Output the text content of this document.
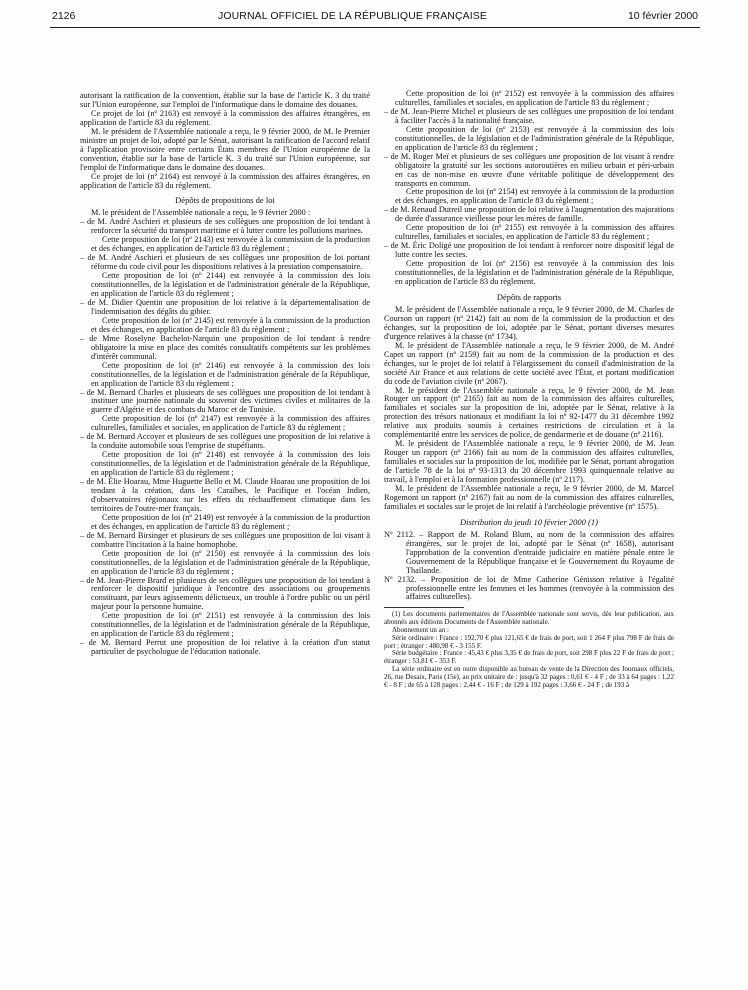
2126	JOURNAL OFFICIEL DE LA RÉPUBLIQUE FRANÇAISE	10 février 2000

autorisant la ratification de la convention, établie sur la base de l'article K. 3 du traité sur l'Union européenne, sur l'emploi de l'informatique dans le domaine des douanes.

Ce projet de loi (nº 2163) est renvoyé à la commission des affaires étrangères, en application de l'article 83 du règlement.

M. le président de l'Assemblée nationale a reçu, le 9 février 2000, de M. le Premier ministre un projet de loi, adopté par le Sénat, autorisant la ratification de l'accord relatif à l'application provisoire entre certains États membres de l'Union européenne de la convention, établie sur la base de l'article K. 3 du traité sur l'Union européenne, sur l'emploi de l'informatique dans le domaine des douanes.

Ce projet de loi (nº 2164) est renvoyé à la commission des affaires étrangères, en application de l'article 83 du règlement.

Dépôts de propositions de loi

M. le président de l'Assemblée nationale a reçu, le 9 février 2000 :

– de M. André Aschieri et plusieurs de ses collègues une proposition de loi tendant à renforcer la sécurité du transport maritime et à lutter contre les pollutions marines.

Cette proposition de loi (nº 2143) est renvoyée à la commission de la production et des échanges, en application de l'article 83 du règlement ;

– de M. André Aschieri et plusieurs de ses collègues une proposition de loi portant réforme du code civil pour les dispositions relatives à la prestation compensatoire.

Cette proposition de loi (nº 2144) est renvoyée à la commission des lois constitutionnelles, de la législation et de l'administration générale de la République, en application de l'article 83 du règlement ;

– de M. Didier Quentin une proposition de loi relative à la départementalisation de l'indemnisation des dégâts du gibier.

Cette proposition de loi (nº 2145) est renvoyée à la commission de la production et des échanges, en application de l'article 83 du règlement ;

– de Mme Roselyne Bachelot-Narquin une proposition de loi tendant à rendre obligatoire la mise en place des comités consultatifs compétents sur les problèmes d'intérêt communal.

Cette proposition de loi (nº 2146) est renvoyée à la commission des lois constitutionnelles, de la législation et de l'administration générale de la République, en application de l'article 83 du règlement ;

– de M. Bernard Charles et plusieurs de ses collègues une proposition de loi tendant à instituer une journée nationale du souvenir des victimes civiles et militaires de la guerre d'Algérie et des combats du Maroc et de Tunisie.

Cette proposition de loi (nº 2147) est renvoyée à la commission des affaires culturelles, familiales et sociales, en application de l'article 83 du règlement ;

– de M. Bernard Accoyer et plusieurs de ses collègues une proposition de loi relative à la conduite automobile sous l'emprise de stupéfiants.

Cette proposition de loi (nº 2148) est renvoyée à la commission des lois constitutionnelles, de la législation et de l'administration générale de la République, en application de l'article 83 du règlement ;

– de M. Élie Hoarau, Mme Huguette Bello et M. Claude Hoarau une proposition de loi tendant à la création, dans les Caraïbes, le Pacifique et l'océan Indien, d'observatoires régionaux sur les effets du réchauffement climatique dans les territoires de l'outre-mer français.

Cette proposition de loi (nº 2149) est renvoyée à la commission de la production et des échanges, en application de l'article 83 du règlement ;

– de M. Bernard Birsinger et plusieurs de ses collègues une proposition de loi visant à combattre l'incitation à la haine homophobe.

Cette proposition de loi (nº 2150) est renvoyée à la commission des lois constitutionnelles, de la législation et de l'administration générale de la République, en application de l'article 83 du règlement ;

– de M. Jean-Pierre Brard et plusieurs de ses collègues une proposition de loi tendant à renforcer le dispositif juridique à l'encontre des associations ou groupements constituant, par leurs agissements délictueux, un trouble à l'ordre public ou un péril majeur pour la personne humaine.

Cette proposition de loi (nº 2151) est renvoyée à la commission des lois constitutionnelles, de la législation et de l'administration générale de la République, en application de l'article 83 du règlement ;

– de M. Bernard Perrut une proposition de loi relative à la création d'un statut particulier de psychologue de l'éducation nationale.

Cette proposition de loi (nº 2152) est renvoyée à la commission des affaires culturelles, familiales et sociales, en application de l'article 83 du règlement ;

– de M. Jean-Pierre Michel et plusieurs de ses collègues une proposition de loi tendant à faciliter l'accès à la nationalité française.

Cette proposition de loi (nº 2153) est renvoyée à la commission des lois constitutionnelles, de la législation et de l'administration générale de la République, en application de l'article 83 du règlement ;

– de M. Roger Meï et plusieurs de ses collègues une proposition de loi visant à rendre obligatoire la gratuité sur les sections autoroutières en milieu urbain et péri-urbain en cas de non-mise en œuvre d'une véritable politique de développement des transports en commun.

Cette proposition de loi (nº 2154) est renvoyée à la commission de la production et des échanges, en application de l'article 83 du règlement ;

– de M. Renaud Dutreil une proposition de loi relative à l'augmentation des majorations de durée d'assurance vieillesse pour les mères de famille.

Cette proposition de loi (nº 2155) est renvoyée à la commission des affaires culturelles, familiales et sociales, en application de l'article 83 du règlement ;

– de M. Éric Doligé une proposition de loi tendant à renforcer notre dispositif légal de lutte contre les sectes.

Cette proposition de loi (nº 2156) est renvoyée à la commission des lois constitutionnelles, de la législation et de l'administration générale de la République, en application de l'article 83 du règlement.

Dépôts de rapports

M. le président de l'Assemblée nationale a reçu, le 9 février 2000, de M. Charles de Courson un rapport (nº 2142) fait au nom de la commission de la production et des échanges, sur la proposition de loi, adoptée par le Sénat, portant diverses mesures d'urgence relatives à la chasse (nº 1734).

M. le président de l'Assemblée nationale a reçu, le 9 février 2000, de M. André Capet un rapport (nº 2159) fait au nom de la commission de la production et des échanges, sur le projet de loi relatif à l'élargissement du conseil d'administration de la société Air France et aux relations de cette société avec l'État, et portant modification du code de l'aviation civile (nº 2067).

M. le président de l'Assemblée nationale a reçu, le 9 février 2000, de M. Jean Rouger un rapport (nº 2165) fait au nom de la commission des affaires culturelles, familiales et sociales sur la proposition de loi, adoptée par le Sénat, relative à la protection des trésors nationaux et modifiant la loi nº 92-1477 du 31 décembre 1992 relative aux produits soumis à certaines restrictions de circulation et à la complémentarité entre les services de police, de gendarmerie et de douane (nº 2116).

M. le président de l'Assemblée nationale a reçu, le 9 février 2000, de M. Jean Rouger un rapport (nº 2166) fait au nom de la commission des affaires culturelles, familiales et sociales sur la proposition de loi, modifiée par le Sénat, portant abrogation de l'article 78 de la loi nº 93-1313 du 20 décembre 1993 quinquennale relative au travail, à l'emploi et à la formation professionnelle (nº 2117).

M. le président de l'Assemblée nationale a reçu, le 9 février 2000, de M. Marcel Rogemont un rapport (nº 2167) fait au nom de la commission des affaires culturelles, familiales et sociales sur le projet de loi relatif à l'archéologie préventive (nº 1575).

Distribution du jeudi 10 février 2000 (1)

Nº 2112. – Rapport de M. Roland Blum, au nom de la commission des affaires étrangères, sur le projet de loi, adopté par le Sénat (nº 1658), autorisant l'approbation de la convention d'entraide judiciaire en matière pénale entre le Gouvernement de la République française et le Gouvernement du Royaume de Thaïlande.

Nº 2132. – Proposition de loi de Mme Catherine Génisson relative à l'égalité professionnelle entre les femmes et les hommes (renvoyée à la commission des affaires culturelles).

(1) Les documents parlementaires de l'Assemblée nationale sont servis, dès leur publication, aux abonnés aux éditions Documents de l'Assemblée nationale.

Abonnement un an :

Série ordinaire : France : 192,70 € plus 121,65 € de frais de port, soit 1 264 F plus 798 F de frais de port ; étranger : 480,98 € - 3 155 F.

Série budgétaire : France : 45,43 € plus 3,35 € de frais de port, soit 298 F plus 22 F de frais de port ; étranger : 53,81 € - 353 F.

La série ordinaire est en outre disponible au bureau de vente de la Direction des Journaux officiels, 26, rue Desaix, Paris (15e), au prix unitaire de : jusqu'à 32 pages : 0,61 € - 4 F ; de 33 à 64 pages : 1,22 € - 8 F ; de 65 à 128 pages : 2,44 € - 16 F ; de 129 à 192 pages : 3,66 € - 24 F ; de 193 à
